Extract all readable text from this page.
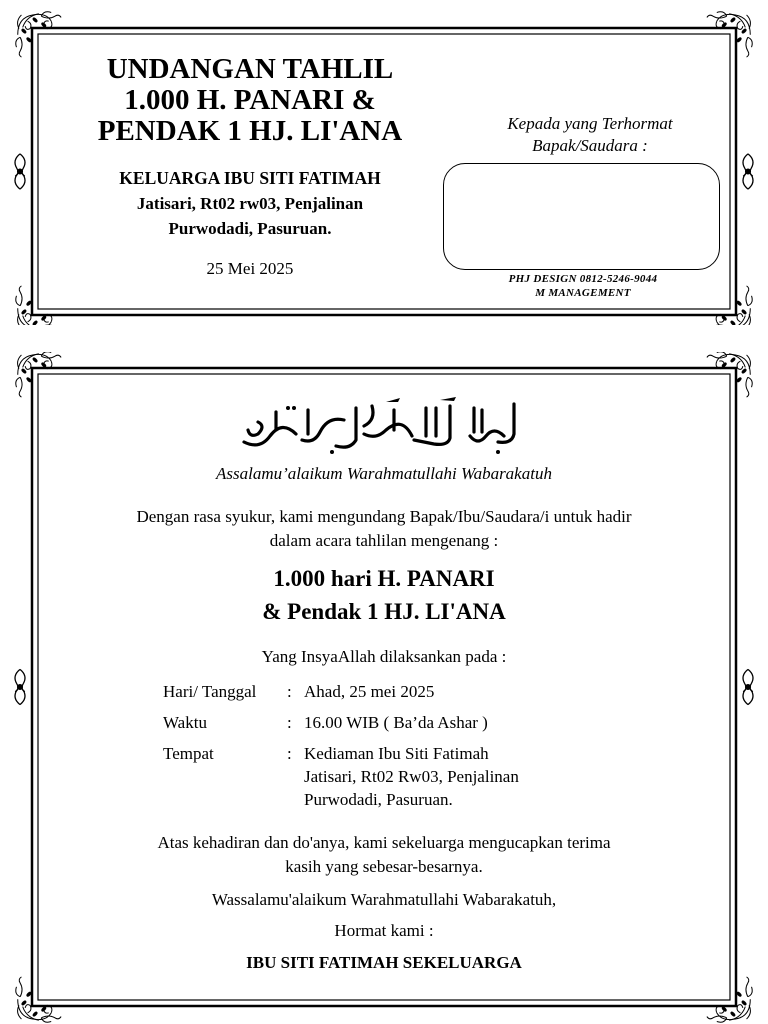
UNDANGAN TAHLIL
1.000 H. PANARI &
PENDAK 1 HJ. LI'ANA
KELUARGA IBU SITI FATIMAH
Jatisari, Rt02 rw03, Penjalinan
Purwodadi, Pasuruan.
25 Mei 2025
Kepada yang Terhormat
Bapak/Saudara :
PHJ DESIGN 0812-5246-9044
M MANAGEMENT
Assalamu’alaikum Warahmatullahi Wabarakatuh
Dengan rasa syukur, kami mengundang Bapak/Ibu/Saudara/i untuk hadir
dalam acara tahlilan mengenang :
1.000 hari H. PANARI
& Pendak 1 HJ. LI'ANA
Yang InsyaAllah dilaksankan pada :
Hari/ Tanggal	: Ahad, 25 mei 2025
Waktu	: 16.00 WIB ( Ba’da Ashar )
Tempat	: Kediaman Ibu Siti Fatimah
Jatisari, Rt02 Rw03, Penjalinan
Purwodadi, Pasuruan.
Atas kehadiran dan do'anya, kami sekeluarga mengucapkan terima
kasih yang sebesar-besarnya.
Wassalamu'alaikum Warahmatullahi Wabarakatuh,
Hormat kami :
IBU SITI FATIMAH SEKELUARGA
